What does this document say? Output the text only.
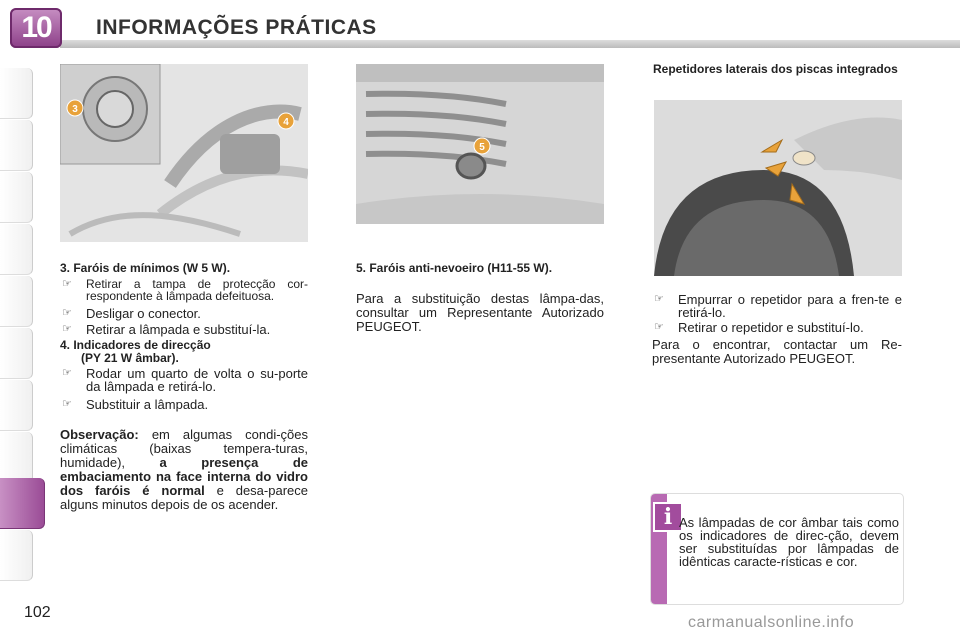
10	INFORMAÇÕES PRÁTICAS
3
4
5
3. Faróis de mínimos (W 5 W).
☞ Retirar a tampa de protecção cor-respondente à lâmpada defeituosa.
☞ Desligar o conector.
☞ Retirar a lâmpada e substituí-la.
4. Indicadores de direcção
(PY 21 W âmbar).
☞ Rodar um quarto de volta o su-porte da lâmpada e retirá-lo.
☞ Substituir a lâmpada.
Observação: em algumas condi-ções climáticas (baixas tempera-turas, humidade), a presença de embaciamento na face interna do vidro dos faróis é normal e desa-parece alguns minutos depois de os acender.
5. Faróis anti-nevoeiro (H11-55 W).
Para a substituição destas lâmpa-das, consultar um Representante Autorizado PEUGEOT.
Repetidores laterais dos piscas integrados
☞ Empurrar o repetidor para a fren-te e retirá-lo.
☞ Retirar o repetidor e substituí-lo.
Para o encontrar, contactar um Re-presentante Autorizado PEUGEOT.
i As lâmpadas de cor âmbar tais como os indicadores de direc-ção, devem ser substituídas por lâmpadas de idênticas caracte-rísticas e cor.
102
carmanualsonline.info
